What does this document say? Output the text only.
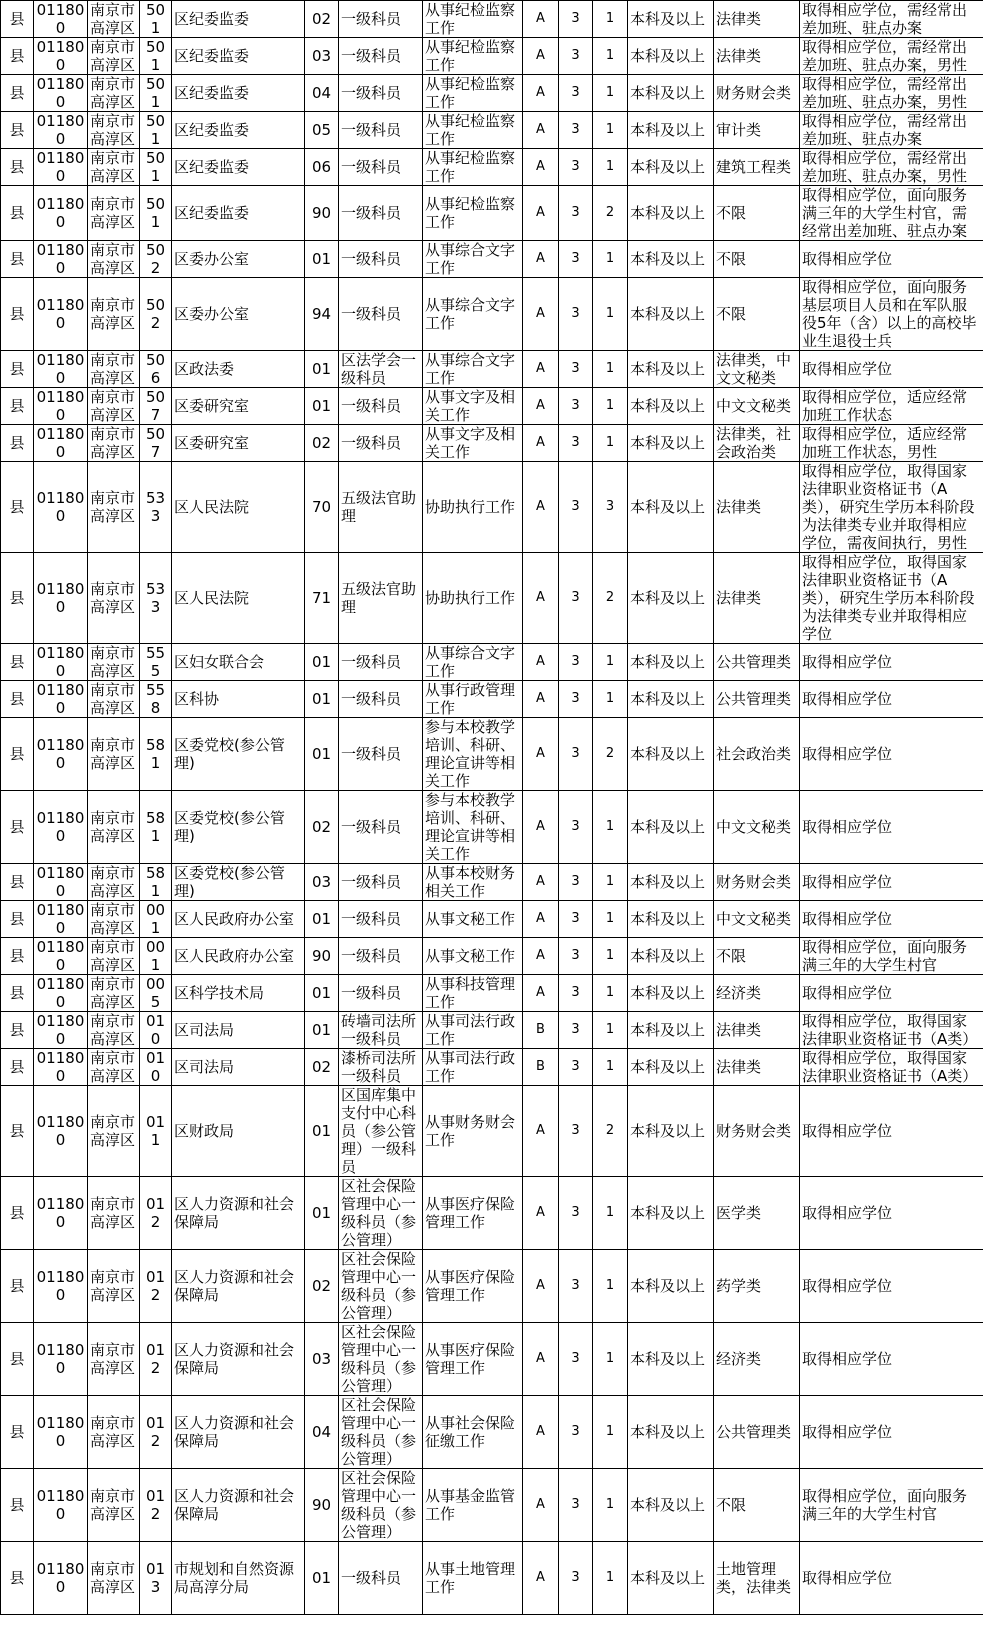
县	011800	南京市高淳区	501	区纪委监委	02	一级科员	从事纪检监察工作	A	3	1	本科及以上	法律类	取得相应学位，需经常出差加班、驻点办案
县	011800	南京市高淳区	501	区纪委监委	03	一级科员	从事纪检监察工作	A	3	1	本科及以上	法律类	取得相应学位，需经常出差加班、驻点办案，男性
县	011800	南京市高淳区	501	区纪委监委	04	一级科员	从事纪检监察工作	A	3	1	本科及以上	财务财会类	取得相应学位，需经常出差加班、驻点办案，男性
县	011800	南京市高淳区	501	区纪委监委	05	一级科员	从事纪检监察工作	A	3	1	本科及以上	审计类	取得相应学位，需经常出差加班、驻点办案
县	011800	南京市高淳区	501	区纪委监委	06	一级科员	从事纪检监察工作	A	3	1	本科及以上	建筑工程类	取得相应学位，需经常出差加班、驻点办案，男性
县	011800	南京市高淳区	501	区纪委监委	90	一级科员	从事纪检监察工作	A	3	2	本科及以上	不限	取得相应学位，面向服务满三年的大学生村官，需经常出差加班、驻点办案
县	011800	南京市高淳区	502	区委办公室	01	一级科员	从事综合文字工作	A	3	1	本科及以上	不限	取得相应学位
县	011800	南京市高淳区	502	区委办公室	94	一级科员	从事综合文字工作	A	3	1	本科及以上	不限	取得相应学位，面向服务基层项目人员和在军队服役5年（含）以上的高校毕业生退役士兵
县	011800	南京市高淳区	506	区政法委	01	区法学会一级科员	从事综合文字工作	A	3	1	本科及以上	法律类，中文文秘类	取得相应学位
县	011800	南京市高淳区	507	区委研究室	01	一级科员	从事文字及相关工作	A	3	1	本科及以上	中文文秘类	取得相应学位，适应经常加班工作状态
县	011800	南京市高淳区	507	区委研究室	02	一级科员	从事文字及相关工作	A	3	1	本科及以上	法律类，社会政治类	取得相应学位，适应经常加班工作状态，男性
县	011800	南京市高淳区	533	区人民法院	70	五级法官助理	协助执行工作	A	3	3	本科及以上	法律类	取得相应学位，取得国家法律职业资格证书（A类），研究生学历本科阶段为法律类专业并取得相应学位，需夜间执行，男性
县	011800	南京市高淳区	533	区人民法院	71	五级法官助理	协助执行工作	A	3	2	本科及以上	法律类	取得相应学位，取得国家法律职业资格证书（A类），研究生学历本科阶段为法律类专业并取得相应学位
县	011800	南京市高淳区	555	区妇女联合会	01	一级科员	从事综合文字工作	A	3	1	本科及以上	公共管理类	取得相应学位
县	011800	南京市高淳区	558	区科协	01	一级科员	从事行政管理工作	A	3	1	本科及以上	公共管理类	取得相应学位
县	011800	南京市高淳区	581	区委党校(参公管理)	01	一级科员	参与本校教学培训、科研、理论宣讲等相关工作	A	3	2	本科及以上	社会政治类	取得相应学位
县	011800	南京市高淳区	581	区委党校(参公管理)	02	一级科员	参与本校教学培训、科研、理论宣讲等相关工作	A	3	1	本科及以上	中文文秘类	取得相应学位
县	011800	南京市高淳区	581	区委党校(参公管理)	03	一级科员	从事本校财务相关工作	A	3	1	本科及以上	财务财会类	取得相应学位
县	011800	南京市高淳区	001	区人民政府办公室	01	一级科员	从事文秘工作	A	3	1	本科及以上	中文文秘类	取得相应学位
县	011800	南京市高淳区	001	区人民政府办公室	90	一级科员	从事文秘工作	A	3	1	本科及以上	不限	取得相应学位，面向服务满三年的大学生村官
县	011800	南京市高淳区	005	区科学技术局	01	一级科员	从事科技管理工作	A	3	1	本科及以上	经济类	取得相应学位
县	011800	南京市高淳区	010	区司法局	01	砖墙司法所一级科员	从事司法行政工作	B	3	1	本科及以上	法律类	取得相应学位，取得国家法律职业资格证书（A类）
县	011800	南京市高淳区	010	区司法局	02	漆桥司法所一级科员	从事司法行政工作	B	3	1	本科及以上	法律类	取得相应学位，取得国家法律职业资格证书（A类）
县	011800	南京市高淳区	011	区财政局	01	区国库集中支付中心科员（参公管理）一级科员	从事财务财会工作	A	3	2	本科及以上	财务财会类	取得相应学位
县	011800	南京市高淳区	012	区人力资源和社会保障局	01	区社会保险管理中心一级科员（参公管理）	从事医疗保险管理工作	A	3	1	本科及以上	医学类	取得相应学位
县	011800	南京市高淳区	012	区人力资源和社会保障局	02	区社会保险管理中心一级科员（参公管理）	从事医疗保险管理工作	A	3	1	本科及以上	药学类	取得相应学位
县	011800	南京市高淳区	012	区人力资源和社会保障局	03	区社会保险管理中心一级科员（参公管理）	从事医疗保险管理工作	A	3	1	本科及以上	经济类	取得相应学位
县	011800	南京市高淳区	012	区人力资源和社会保障局	04	区社会保险管理中心一级科员（参公管理）	从事社会保险征缴工作	A	3	1	本科及以上	公共管理类	取得相应学位
县	011800	南京市高淳区	012	区人力资源和社会保障局	90	区社会保险管理中心一级科员（参公管理）	从事基金监管工作	A	3	1	本科及以上	不限	取得相应学位，面向服务满三年的大学生村官
县	011800	南京市高淳区	013	市规划和自然资源局高淳分局	01	一级科员	从事土地管理工作	A	3	1	本科及以上	土地管理类，法律类	取得相应学位
